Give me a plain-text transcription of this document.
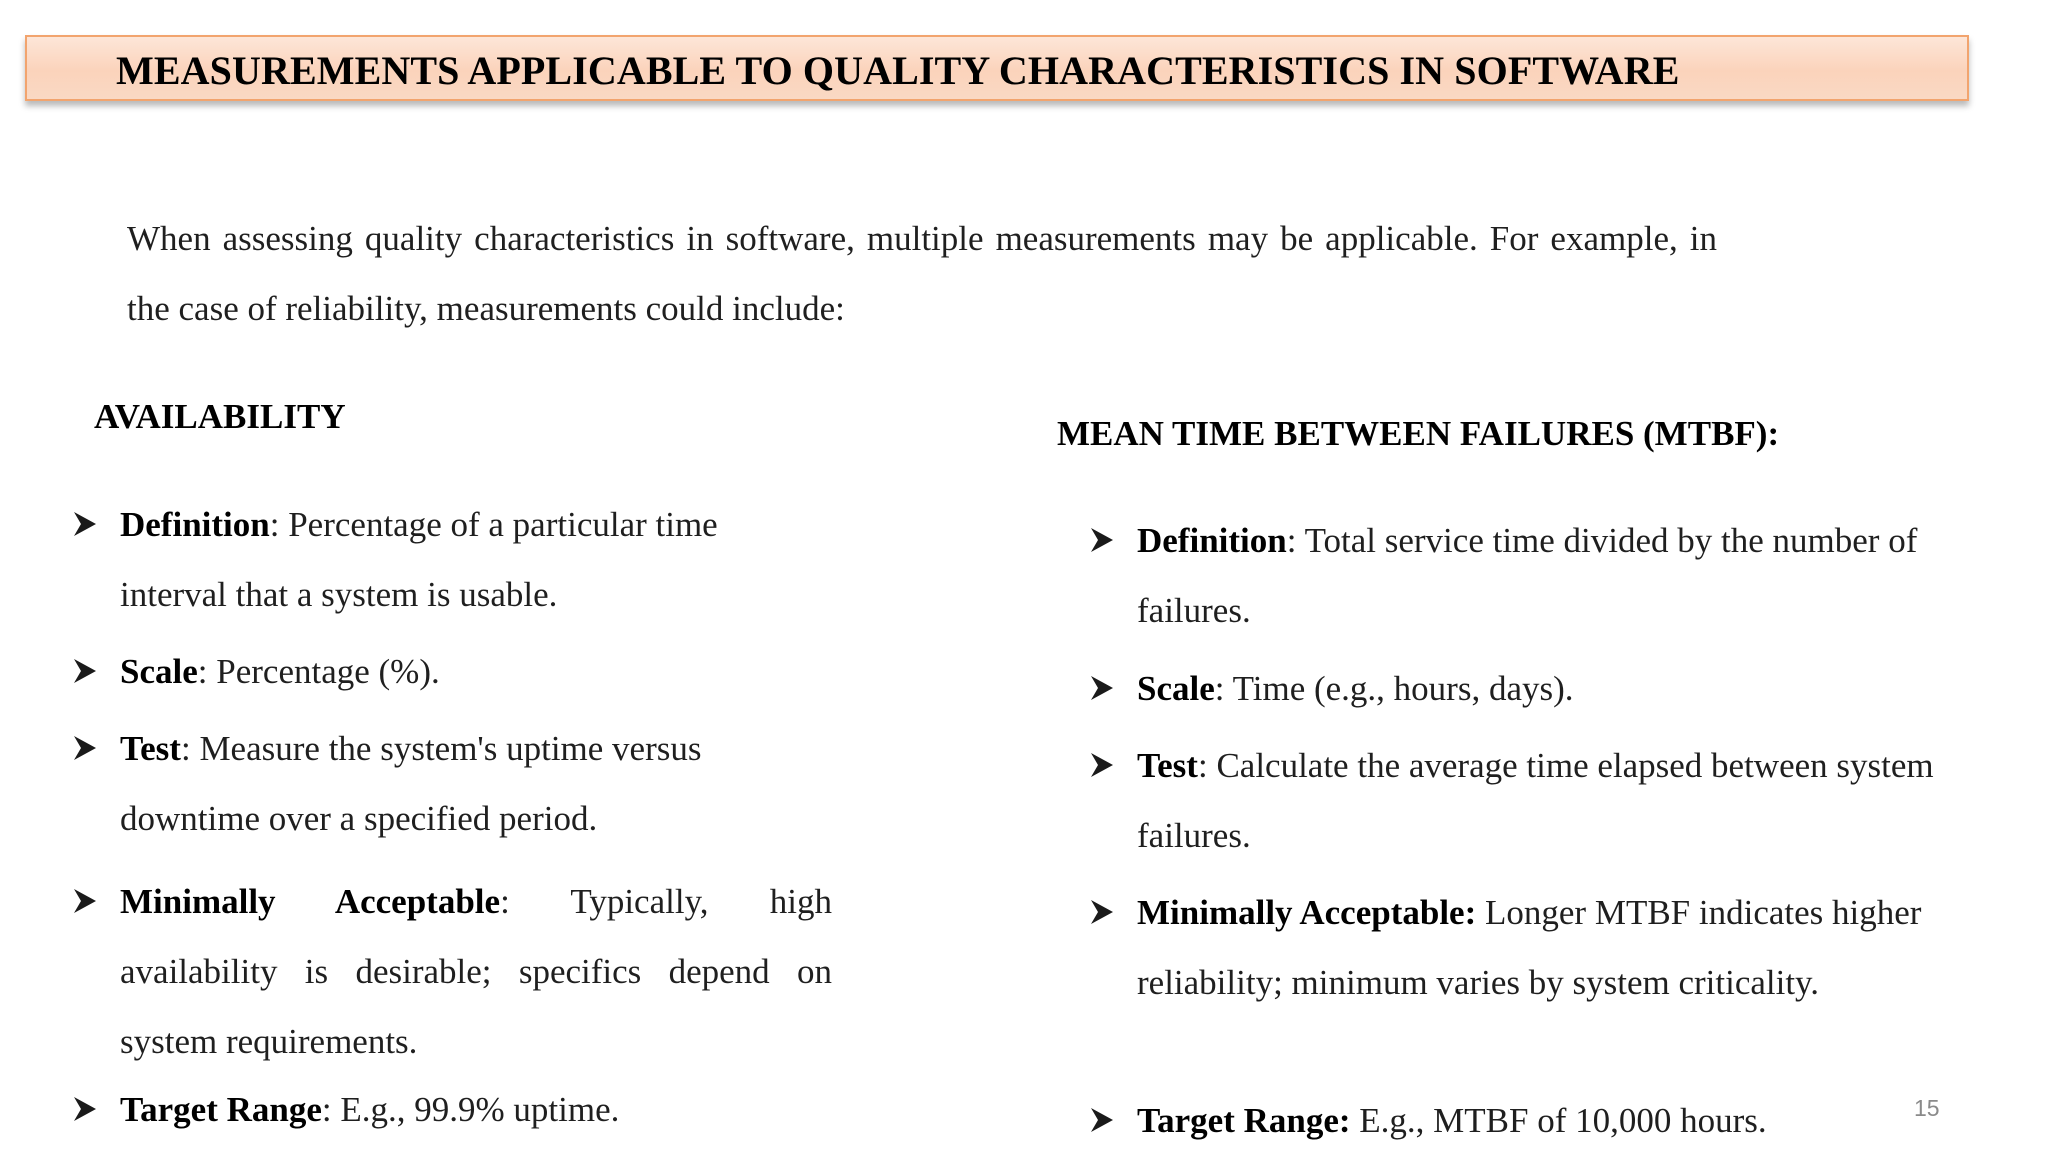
MEASUREMENTS APPLICABLE TO QUALITY CHARACTERISTICS IN SOFTWARE

When assessing quality characteristics in software, multiple measurements may be applicable. For example, in the case of reliability, measurements could include:

AVAILABILITY
Definition: Percentage of a particular time interval that a system is usable.
Scale: Percentage (%).
Test: Measure the system's uptime versus downtime over a specified period.
Minimally Acceptable: Typically, high availability is desirable; specifics depend on system requirements.
Target Range: E.g., 99.9% uptime.
MEAN TIME BETWEEN FAILURES (MTBF):
Definition: Total service time divided by the number of failures.
Scale: Time (e.g., hours, days).
Test: Calculate the average time elapsed between system failures.
Minimally Acceptable: Longer MTBF indicates higher reliability; minimum varies by system criticality.
Target Range: E.g., MTBF of 10,000 hours.	15
